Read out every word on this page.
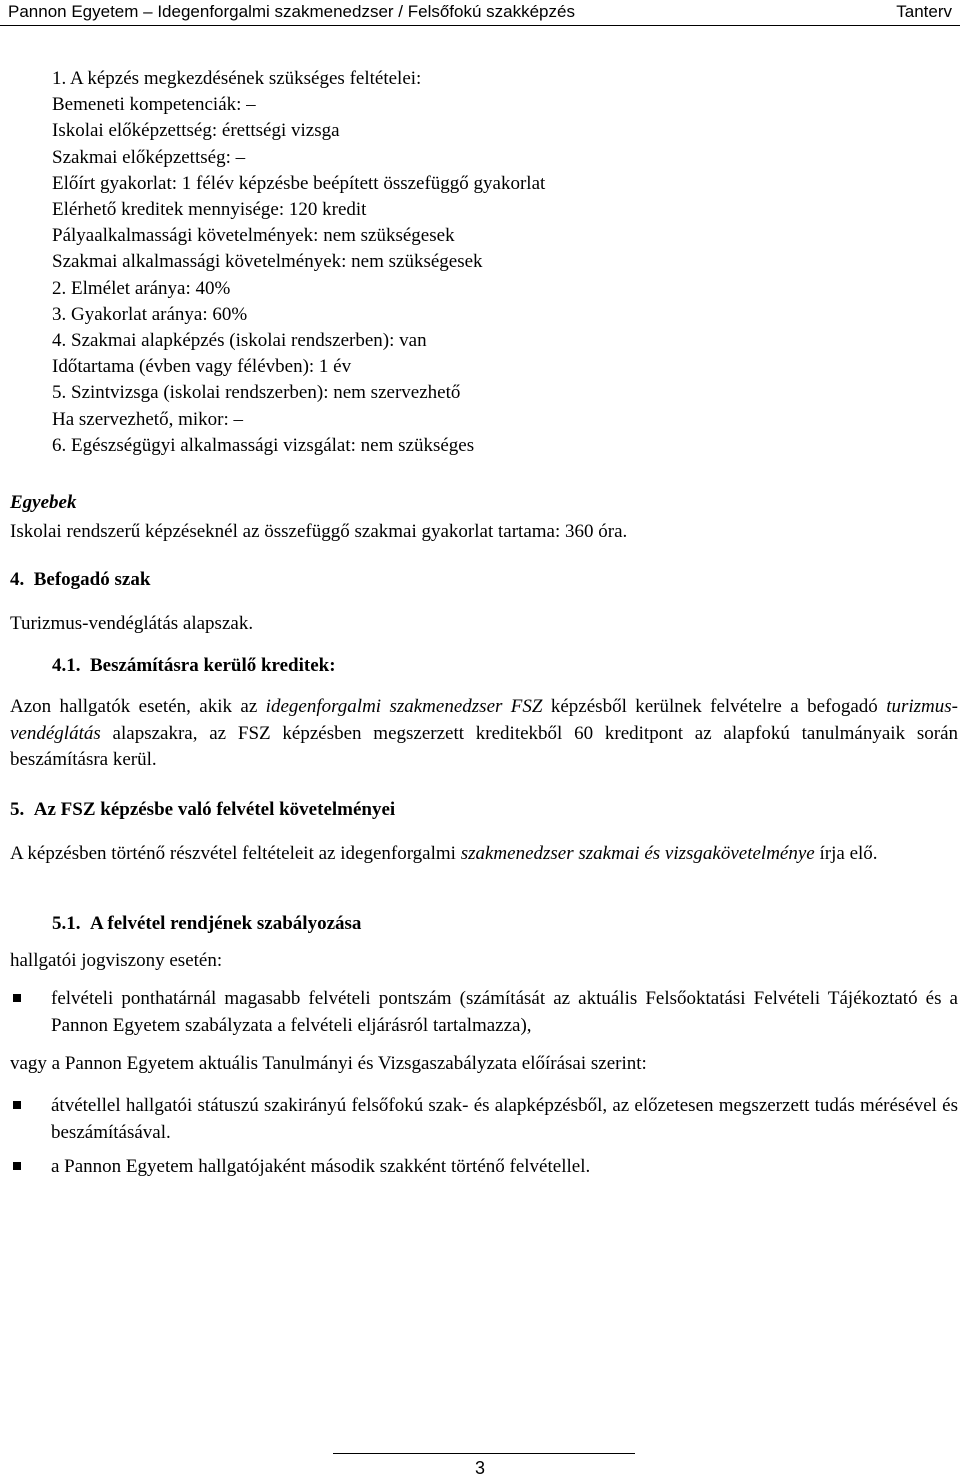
Pannon Egyetem – Idegenforgalmi szakmenedzser / Felsőfokú szakképzés	Tanterv
1. A képzés megkezdésének szükséges feltételei:
Bemeneti kompetenciák: –
Iskolai előképzettség: érettségi vizsga
Szakmai előképzettség: –
Előírt gyakorlat: 1 félév képzésbe beépített összefüggő gyakorlat
Elérhető kreditek mennyisége: 120 kredit
Pályaalkalmassági követelmények: nem szükségesek
Szakmai alkalmassági követelmények: nem szükségesek
2. Elmélet aránya: 40%
3. Gyakorlat aránya: 60%
4. Szakmai alapképzés (iskolai rendszerben): van
Időtartama (évben vagy félévben): 1 év
5. Szintvizsga (iskolai rendszerben): nem szervezhető
Ha szervezhető, mikor: –
6. Egészségügyi alkalmassági vizsgálat: nem szükséges
Egyebek
Iskolai rendszerű képzéseknél az összefüggő szakmai gyakorlat tartama: 360 óra.
4. Befogadó szak
Turizmus-vendéglátás alapszak.
4.1. Beszámításra kerülő kreditek:
Azon hallgatók esetén, akik az idegenforgalmi szakmenedzser FSZ képzésből kerülnek felvételre a befogadó turizmus-vendéglátás alapszakra, az FSZ képzésben megszerzett kreditekből 60 kreditpont az alapfokú tanulmányaik során beszámításra kerül.
5. Az FSZ képzésbe való felvétel követelményei
A képzésben történő részvétel feltételeit az idegenforgalmi szakmenedzser szakmai és vizsgakövetelménye írja elő.
5.1. A felvétel rendjének szabályozása
hallgatói jogviszony esetén:
felvételi ponthatárnál magasabb felvételi pontszám (számítását az aktuális Felsőoktatási Felvételi Tájékoztató és a Pannon Egyetem szabályzata a felvételi eljárásról tartalmazza),
vagy a Pannon Egyetem aktuális Tanulmányi és Vizsgaszabályzata előírásai szerint:
átvétellel hallgatói státuszú szakirányú felsőfokú szak- és alapképzésből, az előzetesen megszerzett tudás mérésével és beszámításával.
a Pannon Egyetem hallgatójaként második szakként történő felvétellel.
3
